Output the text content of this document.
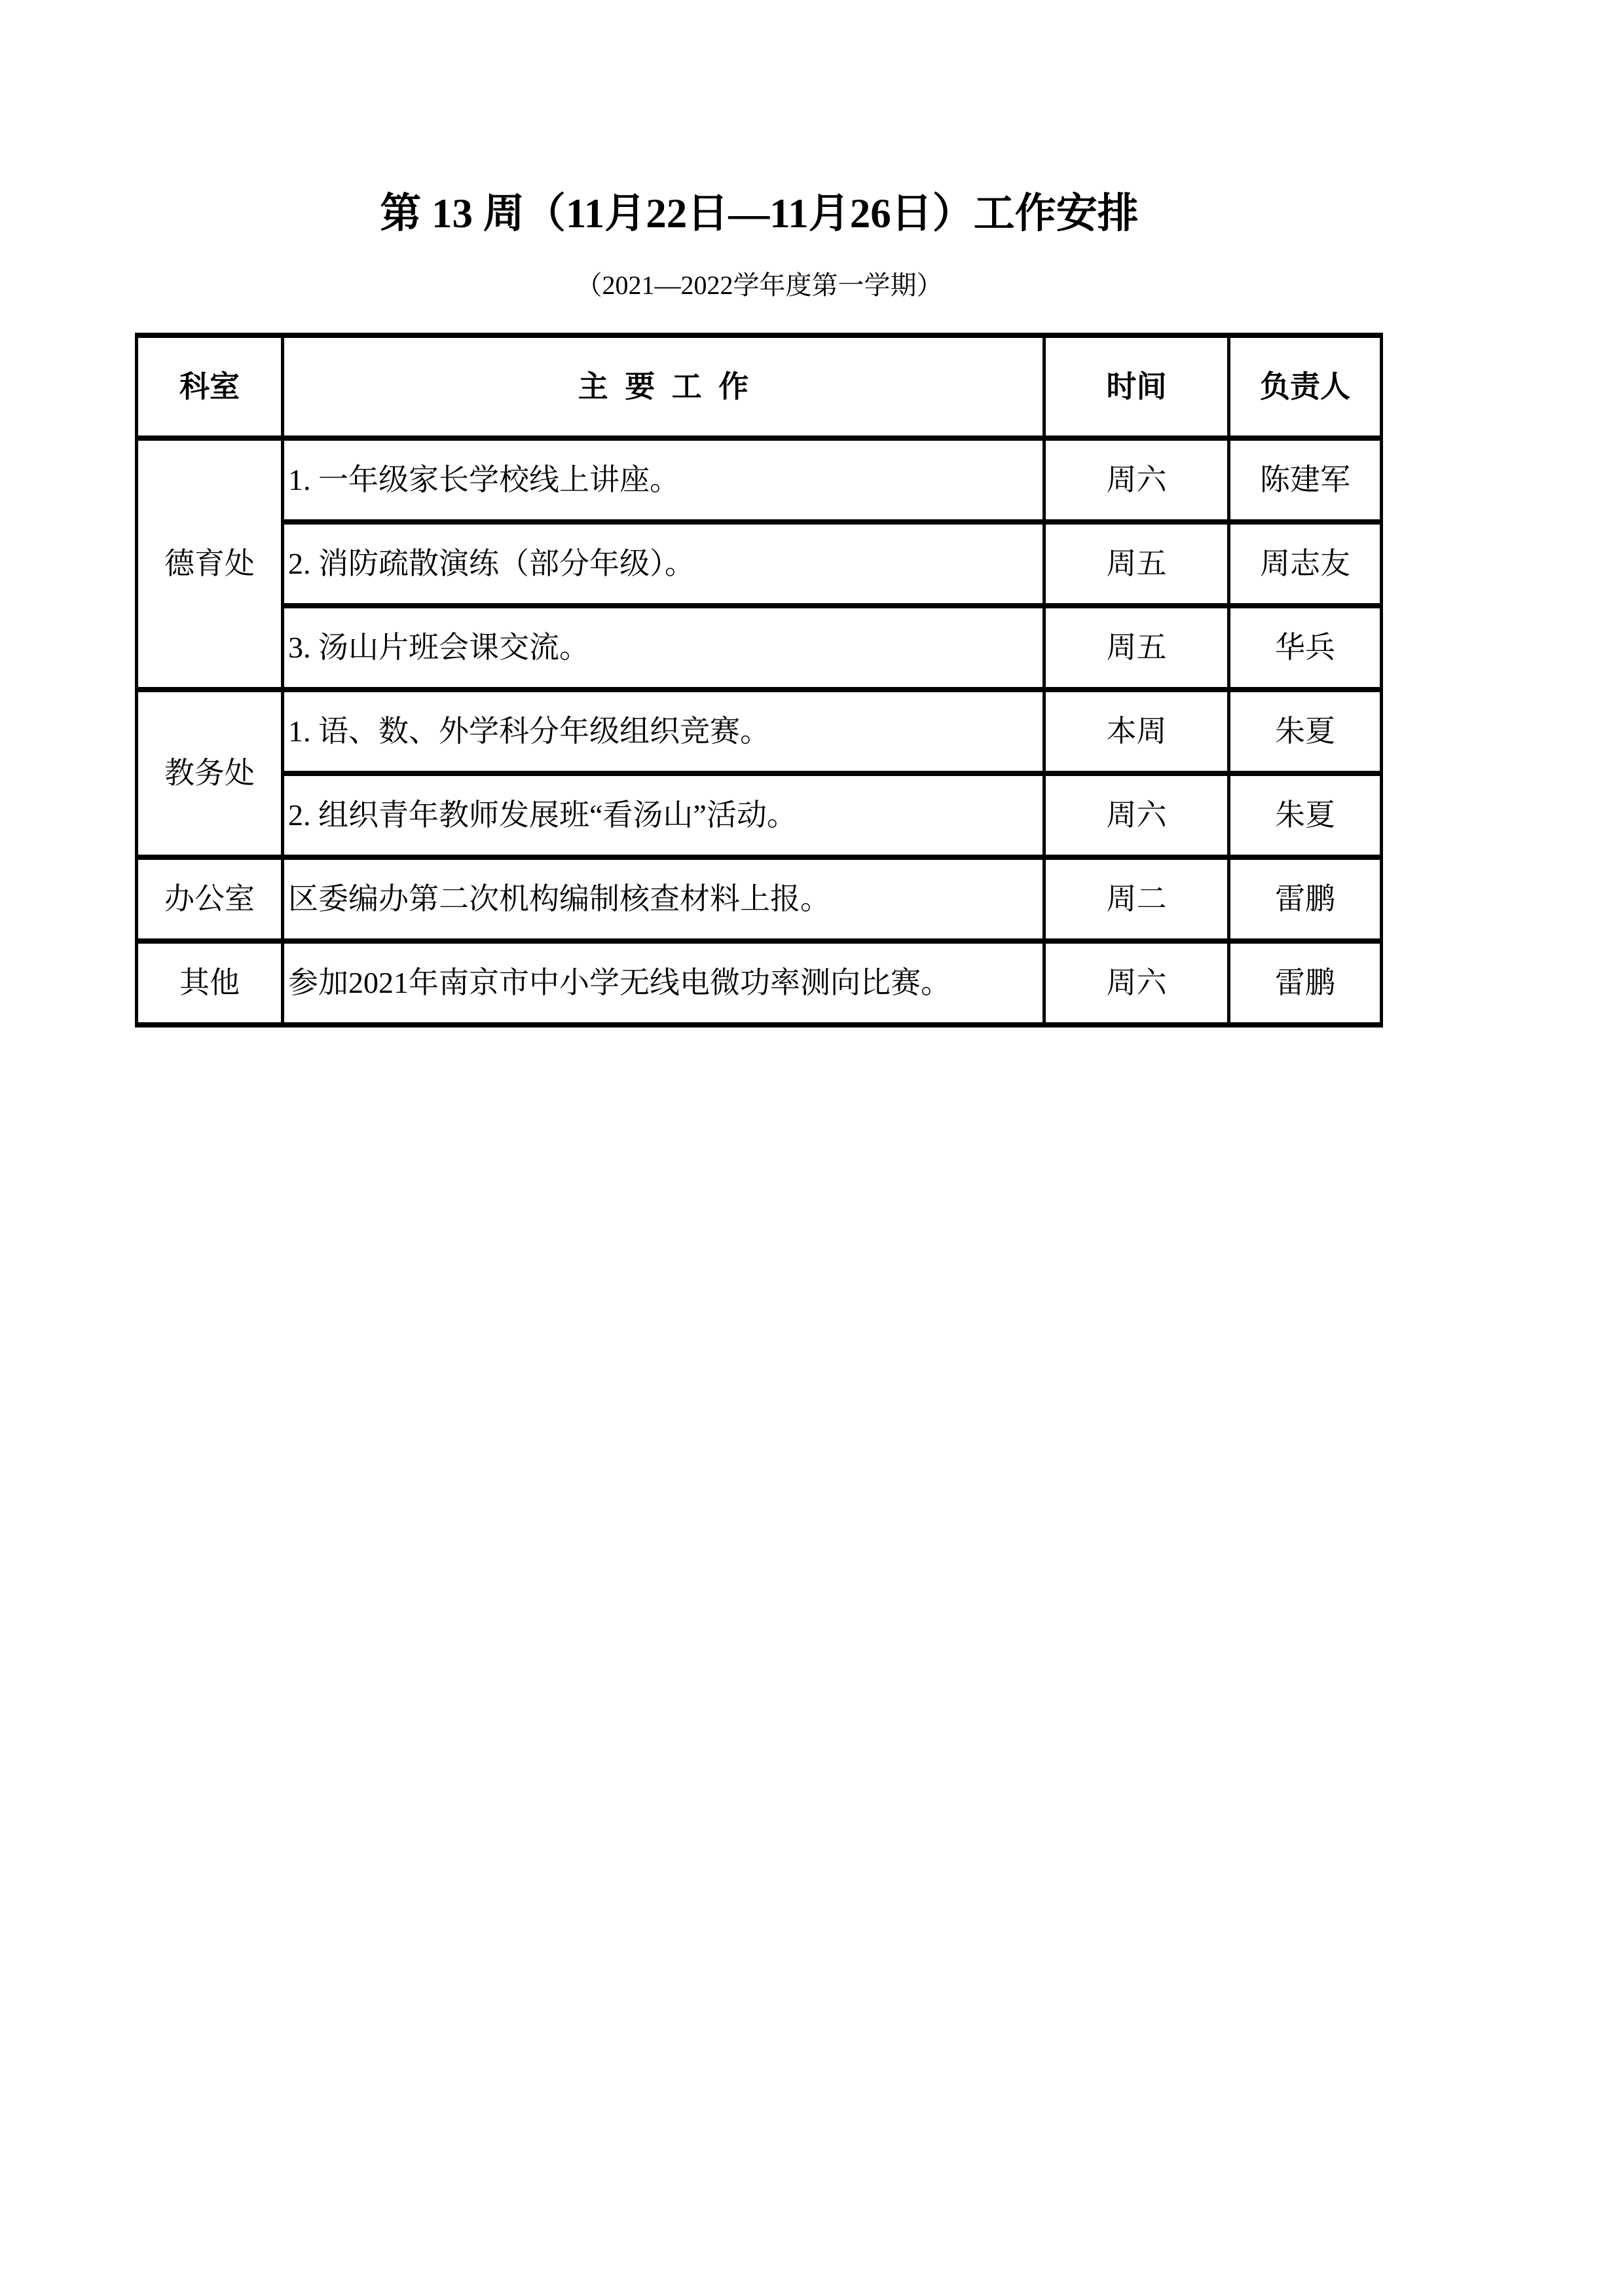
第 13 周（11月22日—11月26日）工作安排
（2021—2022学年度第一学期）
科室	主 要 工 作	时间	负责人
德育处	1. 一年级家长学校线上讲座。	周六	陈建军
	2. 消防疏散演练（部分年级）。	周五	周志友
	3. 汤山片班会课交流。	周五	华兵
教务处	1. 语、数、外学科分年级组织竞赛。	本周	朱夏
	2. 组织青年教师发展班“看汤山”活动。	周六	朱夏
办公室	区委编办第二次机构编制核查材料上报。	周二	雷鹏
其他	参加2021年南京市中小学无线电微功率测向比赛。	周六	雷鹏
